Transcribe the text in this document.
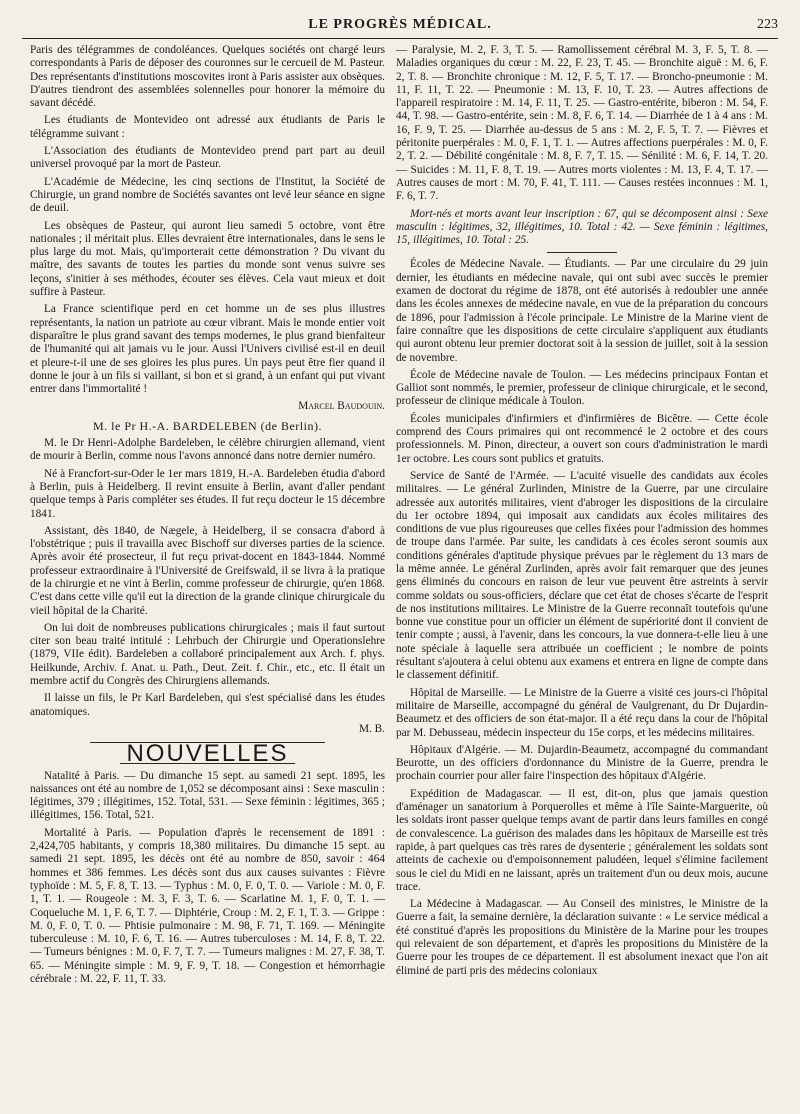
LE PROGRÈS MÉDICAL.	223

Paris des télégrammes de condoléances. Quelques sociétés ont chargé leurs correspondants à Paris de déposer des couronnes sur le cercueil de M. Pasteur. Des représentants d'institutions moscovites iront à Paris assister aux obsèques. D'autres tiendront des assemblées solennelles pour honorer la mémoire du savant décédé.

Les étudiants de Montevideo ont adressé aux étudiants de Paris le télégramme suivant :

L'Association des étudiants de Montevideo prend part part au deuil universel provoqué par la mort de Pasteur.

L'Académie de Médecine, les cinq sections de l'Institut, la Société de Chirurgie, un grand nombre de Sociétés savantes ont levé leur séance en signe de deuil.

Les obsèques de Pasteur, qui auront lieu samedi 5 octobre, vont être nationales ; il méritait plus. Elles devraient être internationales, dans le sens le plus large du mot. Mais, qu'importerait cette démonstration ? Du vivant du maître, des savants de toutes les parties du monde sont venus suivre ses leçons, s'initier à ses méthodes, écouter ses élèves. Cela vaut mieux et doit suffire à Pasteur.

La France scientifique perd en cet homme un de ses plus illustres représentants, la nation un patriote au cœur vibrant. Mais le monde entier voit disparaître le plus grand savant des temps modernes, le plus grand bienfaiteur de l'humanité qui ait jamais vu le jour. Aussi l'Univers civilisé est-il en deuil et pleure-t-il une de ses gloires les plus pures. Un pays peut être fier quand il donne le jour à un fils si vaillant, si bon et si grand, à un enfant qui put vivant entrer dans l'immortalité !

Marcel Baudouin.
M. le Pr H.-A. BARDELEBEN (de Berlin).

M. le Dr Henri-Adolphe Bardeleben, le célèbre chirurgien allemand, vient de mourir à Berlin, comme nous l'avons annoncé dans notre dernier numéro.

Né à Francfort-sur-Oder le 1er mars 1819, H.-A. Bardeleben étudia d'abord à Berlin, puis à Heidelberg. Il revint ensuite à Berlin, avant d'aller pendant quelque temps à Paris compléter ses études. Il fut reçu docteur le 15 décembre 1841.

Assistant, dès 1840, de Nægele, à Heidelberg, il se consacra d'abord à l'obstétrique ; puis il travailla avec Bischoff sur diverses parties de la science. Après avoir été prosecteur, il fut reçu privat-docent en 1843-1844. Nommé professeur extraordinaire à l'Université de Greifswald, il se livra à la pratique de la chirurgie et ne vint à Berlin, comme professeur de chirurgie, qu'en 1868. C'est dans cette ville qu'il eut la direction de la grande clinique chirurgicale du vieil hôpital de la Charité.

On lui doit de nombreuses publications chirurgicales ; mais il faut surtout citer son beau traité intitulé : Lehrbuch der Chirurgie und Operationslehre (1879, VIIe édit). Bardeleben a collaboré principalement aux Arch. f. phys. Heilkunde, Archiv. f. Anat. u. Path., Deut. Zeit. f. Chir., etc., etc. Il était un membre actif du Congrès des Chirurgiens allemands.

Il laisse un fils, le Pr Karl Bardeleben, qui s'est spécialisé dans les études anatomiques.

M. B.
NOUVELLES

Natalité à Paris. — Du dimanche 15 sept. au samedi 21 sept. 1895, les naissances ont été au nombre de 1,052 se décomposant ainsi : Sexe masculin : légitimes, 379 ; illégitimes, 152. Total, 531. — Sexe féminin : légitimes, 365 ; illégitimes, 156. Total, 521.

Mortalité à Paris. — Population d'après le recensement de 1891 : 2,424,705 habitants, y compris 18,380 militaires. Du dimanche 15 sept. au samedi 21 sept. 1895, les décès ont été au nombre de 850, savoir : 464 hommes et 386 femmes. Les décès sont dus aux causes suivantes : Fièvre typhoïde : M. 5, F. 8, T. 13. — Typhus : M. 0, F. 0, T. 0. — Variole : M. 0, F. 1, T. 1. — Rougeole : M. 3, F. 3, T. 6. — Scarlatine M. 1, F. 0, T. 1. — Coqueluche M. 1, F. 6, T. 7. — Diphtérie, Croup : M. 2, F. 1, T. 3. — Grippe : M. 0, F. 0, T. 0. — Phtisie pulmonaire : M. 98, F. 71, T. 169. — Méningite tuberculeuse : M. 10, F. 6, T. 16. — Autres tuberculoses : M. 14, F. 8, T. 22. — Tumeurs bénignes : M. 0, F. 7, T. 7. — Tumeurs malignes : M. 27, F. 38, T. 65. — Méningite simple : M. 9, F. 9, T. 18. — Congestion et hémorrhagie cérébrale : M. 22, F. 11, T. 33.

— Paralysie, M. 2, F. 3, T. 5. — Ramollissement cérébral M. 3, F. 5, T. 8. — Maladies organiques du cœur : M. 22, F. 23, T. 45. — Bronchite aiguë : M. 6, F. 2, T. 8. — Bronchite chronique : M. 12, F. 5, T. 17. — Broncho-pneumonie : M. 11, F. 11, T. 22. — Pneumonie : M. 13, F. 10, T. 23. — Autres affections de l'appareil respiratoire : M. 14, F. 11, T. 25. — Gastro-entérite, biberon : M. 54, F. 44, T. 98. — Gastro-entérite, sein : M. 8, F. 6, T. 14. — Diarrhée de 1 à 4 ans : M. 16, F. 9, T. 25. — Diarrhée au-dessus de 5 ans : M. 2, F. 5, T. 7. — Fièvres et péritonite puerpérales : M. 0, F. 1, T. 1. — Autres affections puerpérales : M. 0, F. 2, T. 2. — Débilité congénitale : M. 8, F. 7, T. 15. — Sénilité : M. 6, F. 14, T. 20. — Suicides : M. 11, F. 8, T. 19. — Autres morts violentes : M. 13, F. 4, T. 17. — Autres causes de mort : M. 70, F. 41, T. 111. — Causes restées inconnues : M. 1, F. 6, T. 7.

Mort-nés et morts avant leur inscription : 67, qui se décomposent ainsi : Sexe masculin : légitimes, 32, illégitimes, 10. Total : 42. — Sexe féminin : légitimes, 15, illégitimes, 10. Total : 25.

Écoles de Médecine Navale. — Étudiants. — Par une circulaire du 29 juin dernier, les étudiants en médecine navale, qui ont subi avec succès le premier examen de doctorat du régime de 1878, ont été autorisés à redoubler une année dans les écoles annexes de médecine navale, en vue de la préparation du concours de 1896, pour l'admission à l'école principale. Le Ministre de la Marine vient de faire connaître que les dispositions de cette circulaire s'appliquent aux étudiants qui auront obtenu leur premier doctorat soit à la session de juillet, soit à la session de novembre.

École de Médecine navale de Toulon. — Les médecins principaux Fontan et Galliot sont nommés, le premier, professeur de clinique chirurgicale, et le second, professeur de clinique médicale à Toulon.

Écoles municipales d'infirmiers et d'infirmières de Bicêtre. — Cette école comprend des Cours primaires qui ont recommencé le 2 octobre et des cours professionnels. M. Pinon, directeur, a ouvert son cours d'administration le mardi 1er octobre. Les cours sont publics et gratuits.

Service de Santé de l'Armée. — L'acuité visuelle des candidats aux écoles militaires. — Le général Zurlinden, Ministre de la Guerre, par une circulaire adressée aux autorités militaires, vient d'abroger les dispositions de la circulaire du 1er octobre 1894, qui imposait aux candidats aux écoles militaires des conditions de vue plus rigoureuses que celles fixées pour l'admission des hommes de troupe dans l'armée. Par suite, les candidats à ces écoles seront soumis aux conditions générales d'aptitude physique prévues par le règlement du 13 mars de la même année. Le général Zurlinden, après avoir fait remarquer que des jeunes gens éliminés du concours en raison de leur vue peuvent être astreints à servir comme soldats ou sous-officiers, déclare que cet état de choses s'écarte de l'esprit de nos institutions militaires. Le Ministre de la Guerre reconnaît toutefois qu'une bonne vue constitue pour un officier un élément de supériorité dont il convient de tenir compte ; aussi, à l'avenir, dans les concours, la vue donnera-t-elle lieu à une note spéciale à laquelle sera attribuée un coefficient ; le nombre de points résultant s'ajoutera à celui obtenu aux examens et entrera en ligne de compte dans le classement définitif.

Hôpital de Marseille. — Le Ministre de la Guerre a visité ces jours-ci l'hôpital militaire de Marseille, accompagné du général de Vaulgrenant, du Dr Dujardin-Beaumetz et des officiers de son état-major. Il a été reçu dans la cour de l'hôpital par M. Debusseau, médecin inspecteur du 15e corps, et les médecins militaires.

Hôpitaux d'Algérie. — M. Dujardin-Beaumetz, accompagné du commandant Beurotte, un des officiers d'ordonnance du Ministre de la Guerre, prendra le prochain courrier pour aller faire l'inspection des hôpitaux d'Algérie.

Expédition de Madagascar. — Il est, dit-on, plus que jamais question d'aménager un sanatorium à Porquerolles et même à l'île Sainte-Marguerite, où les soldats iront passer quelque temps avant de partir dans leurs familles en congé de convalescence. La guérison des malades dans les hôpitaux de Marseille est très rapide, à part quelques cas très rares de dysenterie ; généralement les soldats sont atteints de cachexie ou d'empoisonnement paludéen, lequel s'élimine facilement sous le ciel du Midi en ne laissant, après un traitement d'un ou deux mois, aucune trace.

La Médecine à Madagascar. — Au Conseil des ministres, le Ministre de la Guerre a fait, la semaine dernière, la déclaration suivante : « Le service médical a été constitué d'après les propositions du Ministère de la Marine pour les troupes qui relevaient de son département, et d'après les propositions du Ministère de la Guerre pour les troupes de ce département. Il est absolument inexact que l'on ait éliminé de parti pris des médecins coloniaux
